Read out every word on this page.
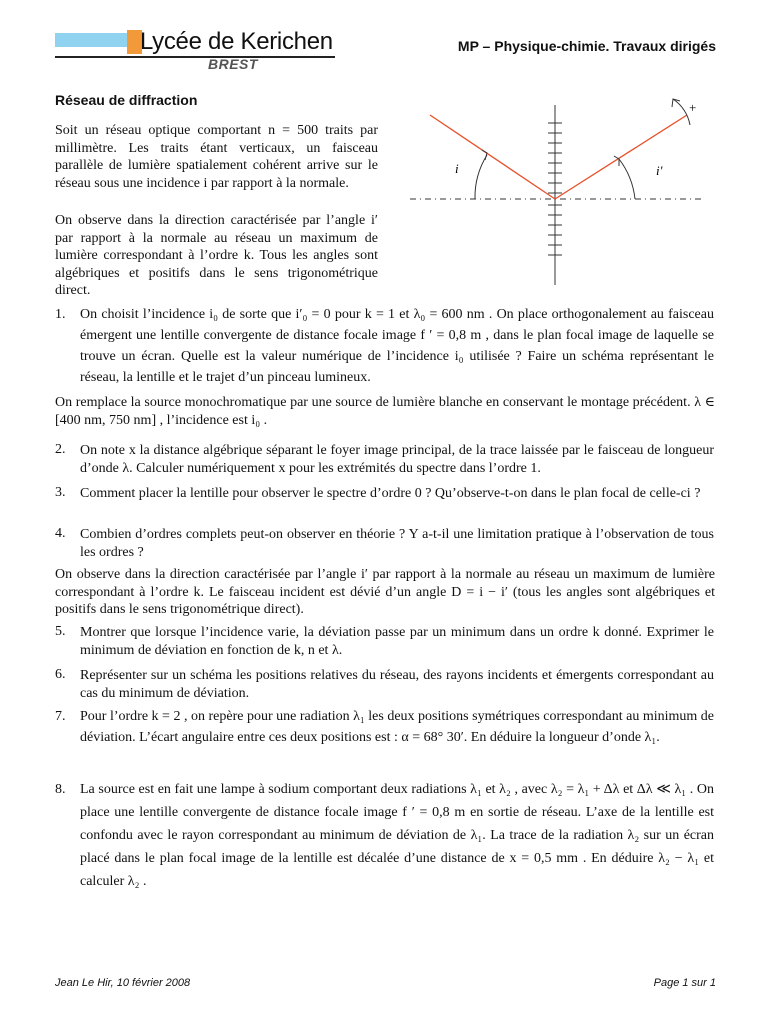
Lycée de Kerichen
BREST
MP – Physique-chimie. Travaux dirigés
Réseau de diffraction

Soit un réseau optique comportant n = 500 traits par millimètre. Les traits étant verticaux, un faisceau parallèle de lumière spatialement cohérent arrive sur le réseau sous une incidence i par rapport à la normale.

On observe dans la direction caractérisée par l’angle i′ par rapport à la normale au réseau un maximum de lumière correspondant à l’ordre k. Tous les angles sont algébriques et positifs dans le sens trigonométrique direct.

i	i′
+
1. On choisit l’incidence i₀ de sorte que i′₀ = 0 pour k = 1 et λ₀ = 600 nm . On place orthogonalement au faisceau émergent une lentille convergente de distance focale image f ′ = 0,8 m , dans le plan focal image de laquelle se trouve un écran. Quelle est la valeur numérique de l’incidence i₀ utilisée ? Faire un schéma représentant le réseau, la lentille et le trajet d’un pinceau lumineux.

On remplace la source monochromatique par une source de lumière blanche en conservant le montage précédent. λ ∈ [400 nm, 750 nm] , l’incidence est i₀ .

2. On note x la distance algébrique séparant le foyer image principal, de la trace laissée par le faisceau de longueur d’onde λ. Calculer numériquement x pour les extrémités du spectre dans l’ordre 1.

3. Comment placer la lentille pour observer le spectre d’ordre 0 ? Qu’observe-t-on dans le plan focal de celle-ci ?

4. Combien d’ordres complets peut-on observer en théorie ? Y a-t-il une limitation pratique à l’observation de tous les ordres ?

On observe dans la direction caractérisée par l’angle i′ par rapport à la normale au réseau un maximum de lumière correspondant à l’ordre k. Le faisceau incident est dévié d’un angle D = i − i′ (tous les angles sont algébriques et positifs dans le sens trigonométrique direct).

5. Montrer que lorsque l’incidence varie, la déviation passe par un minimum dans un ordre k donné. Exprimer le minimum de déviation en fonction de k, n et λ.

6. Représenter sur un schéma les positions relatives du réseau, des rayons incidents et émergents correspondant au cas du minimum de déviation.

7. Pour l’ordre k = 2 , on repère pour une radiation λ₁ les deux positions symétriques correspondant au minimum de déviation. L’écart angulaire entre ces deux positions est : α = 68° 30′. En déduire la longueur d’onde λ₁.

8. La source est en fait une lampe à sodium comportant deux radiations λ₁ et λ₂ , avec λ₂ = λ₁ + Δλ et Δλ ≪ λ₁ . On place une lentille convergente de distance focale image f ′ = 0,8 m en sortie de réseau. L’axe de la lentille est confondu avec le rayon correspondant au minimum de déviation de λ₁. La trace de la radiation λ₂ sur un écran placé dans le plan focal image de la lentille est décalée d’une distance de x = 0,5 mm . En déduire λ₂ − λ₁ et calculer λ₂ .

Jean Le Hir, 10 février 2008	Page 1 sur 1
